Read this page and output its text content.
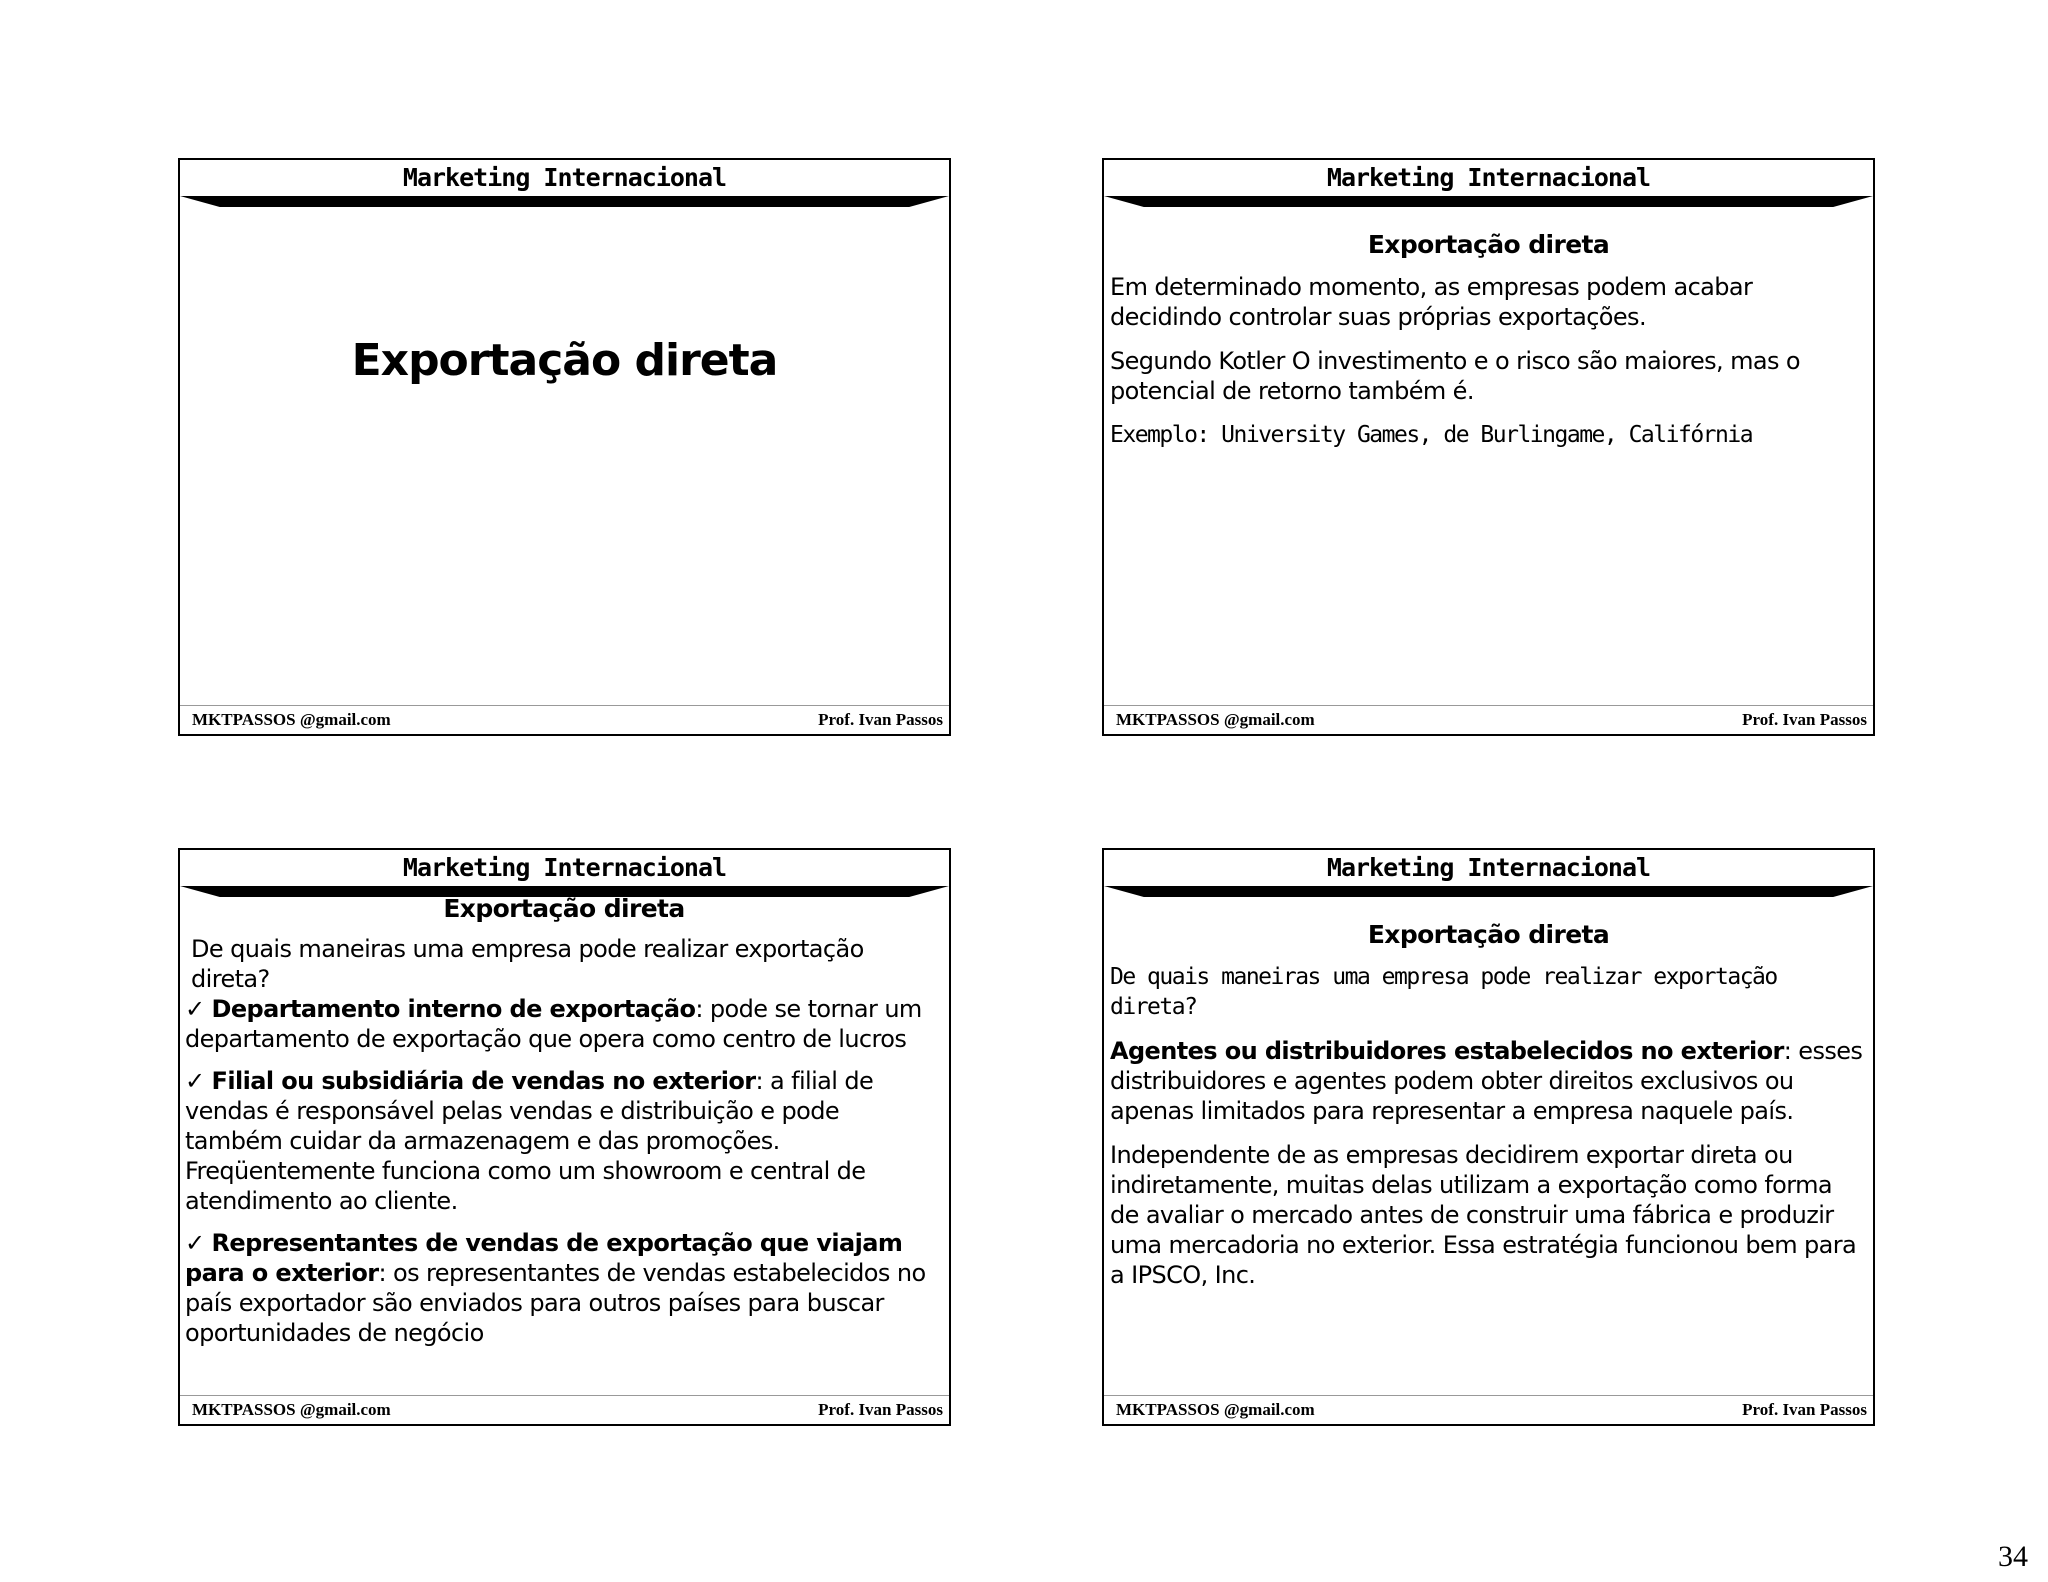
Marketing Internacional
Exportação direta
MKTPASSOS @gmail.com	Prof. Ivan Passos
Marketing Internacional

Exportação direta

Em determinado momento, as empresas podem acabar decidindo controlar suas próprias exportações.

Segundo Kotler O investimento e o risco são maiores, mas o potencial de retorno também é.

Exemplo: University Games, de Burlingame, Califórnia

MKTPASSOS @gmail.com	Prof. Ivan Passos
Marketing Internacional

Exportação direta

De quais maneiras uma empresa pode realizar exportação direta?

✓ Departamento interno de exportação: pode se tornar um departamento de exportação que opera como centro de lucros

✓ Filial ou subsidiária de vendas no exterior: a filial de vendas é responsável pelas vendas e distribuição e pode também cuidar da armazenagem e das promoções. Freqüentemente funciona como um showroom e central de atendimento ao cliente.

✓ Representantes de vendas de exportação que viajam para o exterior: os representantes de vendas estabelecidos no país exportador são enviados para outros países para buscar oportunidades de negócio

MKTPASSOS @gmail.com	Prof. Ivan Passos
Marketing Internacional

Exportação direta

De quais maneiras uma empresa pode realizar exportação direta?

Agentes ou distribuidores estabelecidos no exterior: esses distribuidores e agentes podem obter direitos exclusivos ou apenas limitados para representar a empresa naquele país.

Independente de as empresas decidirem exportar direta ou indiretamente, muitas delas utilizam a exportação como forma de avaliar o mercado antes de construir uma fábrica e produzir uma mercadoria no exterior. Essa estratégia funcionou bem para a IPSCO, Inc.

MKTPASSOS @gmail.com	Prof. Ivan Passos
34
